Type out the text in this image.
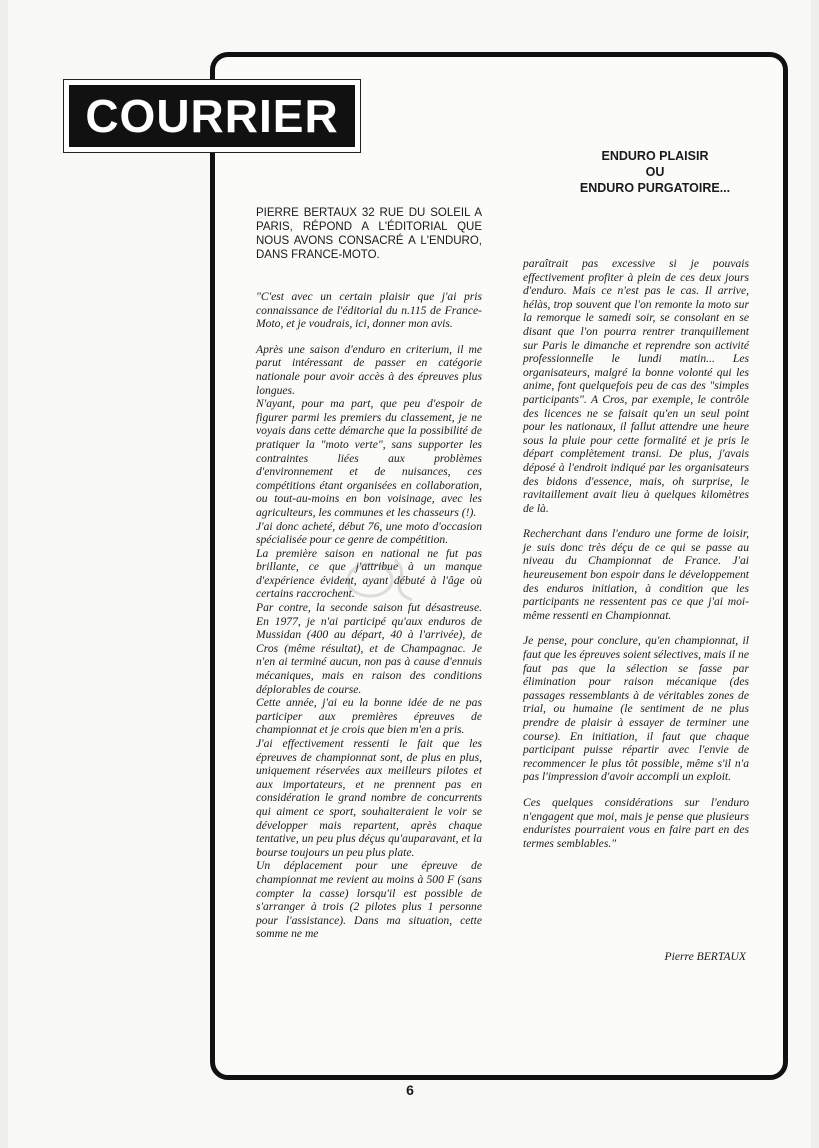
COURRIER
ENDURO PLAISIR
OU
ENDURO PURGATOIRE...
PIERRE BERTAUX 32 RUE DU SOLEIL A PARIS, RÉPOND A L'ÉDITORIAL QUE NOUS AVONS CONSACRÉ A L'ENDURO, DANS FRANCE-MOTO.

"C'est avec un certain plaisir que j'ai pris connaissance de l'éditorial du n.115 de France-Moto, et je voudrais, ici, donner mon avis.

Après une saison d'enduro en criterium, il me parut intéressant de passer en catégorie nationale pour avoir accès à des épreuves plus longues.

N'ayant, pour ma part, que peu d'espoir de figurer parmi les premiers du classement, je ne voyais dans cette démarche que la possibilité de pratiquer la "moto verte", sans supporter les contraintes liées aux problèmes d'environnement et de nuisances, ces compétitions étant organisées en collaboration, ou tout-au-moins en bon voisinage, avec les agriculteurs, les communes et les chasseurs (!).

J'ai donc acheté, début 76, une moto d'occasion spécialisée pour ce genre de compétition.

La première saison en national ne fut pas brillante, ce que j'attribue à un manque d'expérience évident, ayant débuté à l'âge où certains raccrochent.

Par contre, la seconde saison fut désastreuse. En 1977, je n'ai participé qu'aux enduros de Mussidan (400 au départ, 40 à l'arrivée), de Cros (même résultat), et de Champagnac. Je n'en ai terminé aucun, non pas à cause d'ennuis mécaniques, mais en raison des conditions déplorables de course.

Cette année, j'ai eu la bonne idée de ne pas participer aux premières épreuves de championnat et je crois que bien m'en a pris.

J'ai effectivement ressenti le fait que les épreuves de championnat sont, de plus en plus, uniquement réservées aux meilleurs pilotes et aux importateurs, et ne prennent pas en considération le grand nombre de concurrents qui aiment ce sport, souhaiteraient le voir se développer mais repartent, après chaque tentative, un peu plus déçus qu'auparavant, et la bourse toujours un peu plus plate.

Un déplacement pour une épreuve de championnat me revient au moins à 500 F (sans compter la casse) lorsqu'il est possible de s'arranger à trois (2 pilotes plus 1 personne pour l'assistance). Dans ma situation, cette somme ne me

paraîtrait pas excessive si je pouvais effectivement profiter à plein de ces deux jours d'enduro. Mais ce n'est pas le cas. Il arrive, hélàs, trop souvent que l'on remonte la moto sur la remorque le samedi soir, se consolant en se disant que l'on pourra rentrer tranquillement sur Paris le dimanche et reprendre son activité professionnelle le lundi matin... Les organisateurs, malgré la bonne volonté qui les anime, font quelquefois peu de cas des "simples participants". A Cros, par exemple, le contrôle des licences ne se faisait qu'en un seul point pour les nationaux, il fallut attendre une heure sous la pluie pour cette formalité et je pris le départ complètement transi. De plus, j'avais déposé à l'endroit indiqué par les organisateurs des bidons d'essence, mais, oh surprise, le ravitaillement avait lieu à quelques kilomètres de là.

Recherchant dans l'enduro une forme de loisir, je suis donc très déçu de ce qui se passe au niveau du Championnat de France. J'ai heureusement bon espoir dans le développement des enduros initiation, à condition que les participants ne ressentent pas ce que j'ai moi-même ressenti en Championnat.

Je pense, pour conclure, qu'en championnat, il faut que les épreuves soient sélectives, mais il ne faut pas que la sélection se fasse par élimination pour raison mécanique (des passages ressemblants à de véritables zones de trial, ou humaine (le sentiment de ne plus prendre de plaisir à essayer de terminer une course). En initiation, il faut que chaque participant puisse répartir avec l'envie de recommencer le plus tôt possible, même s'il n'a pas l'impression d'avoir accompli un exploit.

Ces quelques considérations sur l'enduro n'engagent que moi, mais je pense que plusieurs enduristes pourraient vous en faire part en des termes semblables."

Pierre BERTAUX
6
